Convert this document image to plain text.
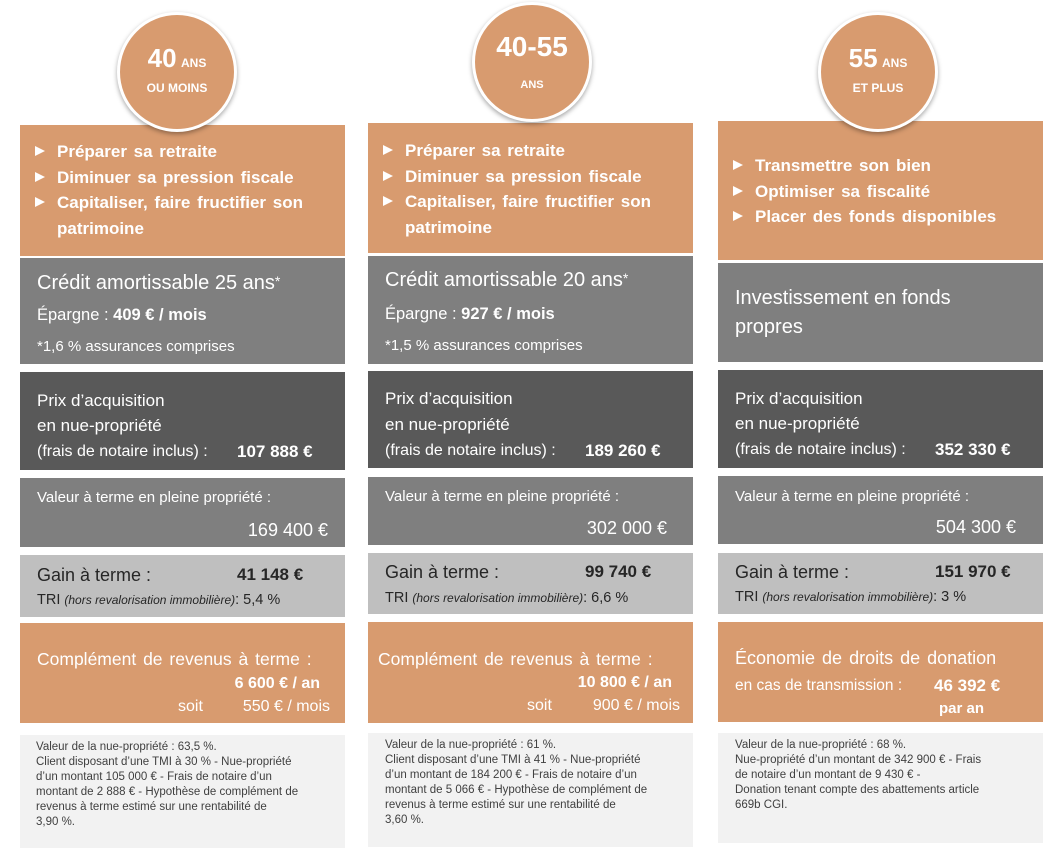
40 ANS
OU MOINS
40-55
ANS
55 ANS
ET PLUS
Préparer sa retraite
Diminuer sa pression fiscale
Capitaliser, faire fructifier son patrimoine
Crédit amortissable 25 ans*
Épargne : 409 € / mois
*1,6 % assurances comprises
Prix d’acquisition
en nue-propriété
(frais de notaire inclus) : 107 888 €
Valeur à terme en pleine propriété :
169 400 €
Gain à terme :	41 148 €
TRI (hors revalorisation immobilière): 5,4 %
Complément de revenus à terme :
6 600 € / an
soit 550 € / mois
Valeur de la nue-propriété : 63,5 %.
Client disposant d’une TMI à 30 % - Nue-propriété
d’un montant 105 000 € - Frais de notaire d’un
montant de 2 888 € - Hypothèse de complément de
revenus à terme estimé sur une rentabilité de
3,90 %.
Préparer sa retraite
Diminuer sa pression fiscale
Capitaliser, faire fructifier son patrimoine
Crédit amortissable 20 ans*
Épargne : 927 € / mois
*1,5 % assurances comprises
Prix d’acquisition
en nue-propriété
(frais de notaire inclus) : 189 260 €
Valeur à terme en pleine propriété :
302 000 €
Gain à terme :	99 740 €
TRI (hors revalorisation immobilière): 6,6 %
Complément de revenus à terme :
10 800 € / an
soit	900 € / mois
Valeur de la nue-propriété : 61 %.
Client disposant d’une TMI à 41 % - Nue-propriété
d’un montant de 184 200 € - Frais de notaire d’un
montant de 5 066 € - Hypothèse de complément de
revenus à terme estimé sur une rentabilité de
3,60 %.
Transmettre son bien
Optimiser sa fiscalité
Placer des fonds disponibles
Investissement en fonds
propres
Prix d’acquisition
en nue-propriété
(frais de notaire inclus) : 352 330 €
Valeur à terme en pleine propriété :
504 300 €
Gain à terme :	151 970 €
TRI (hors revalorisation immobilière): 3 %
Économie de droits de donation
en cas de transmission : 46 392 €
par an
Valeur de la nue-propriété : 68 %.
Nue-propriété d’un montant de 342 900 € - Frais
de notaire d’un montant de 9 430 € -
Donation tenant compte des abattements article
669b CGI.
